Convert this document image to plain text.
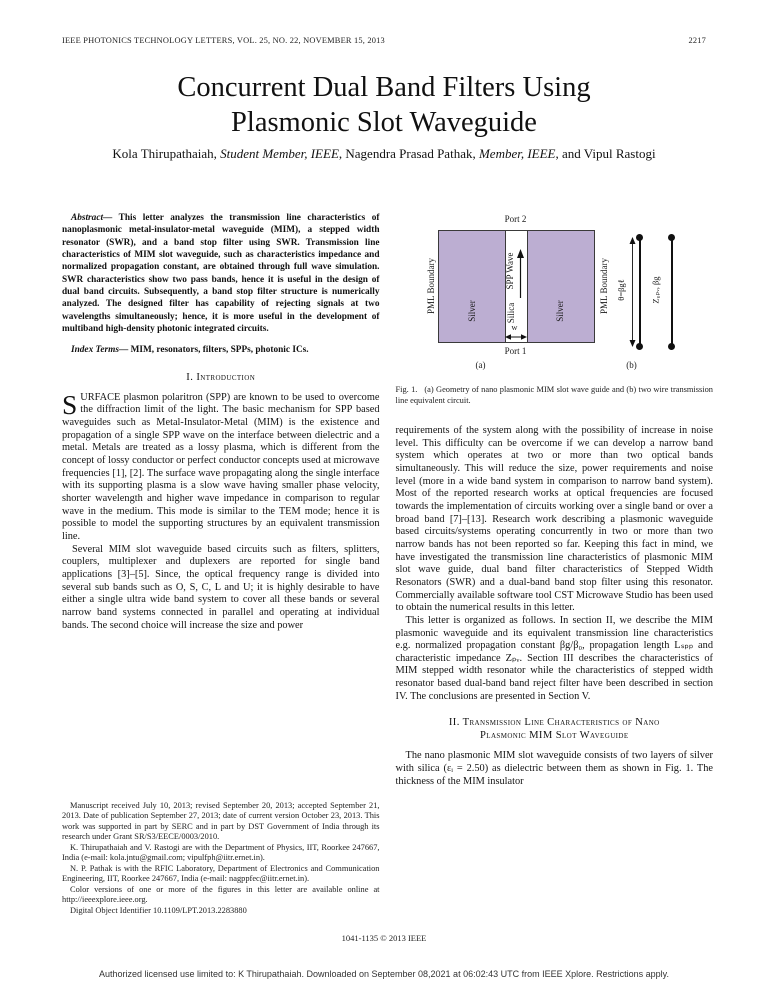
IEEE PHOTONICS TECHNOLOGY LETTERS, VOL. 25, NO. 22, NOVEMBER 15, 2013	2217
Concurrent Dual Band Filters Using
Plasmonic Slot Waveguide
Kola Thirupathaiah, Student Member, IEEE, Nagendra Prasad Pathak, Member, IEEE, and Vipul Rastogi

Abstract— This letter analyzes the transmission line characteristics of nanoplasmonic metal-insulator-metal waveguide (MIM), a stepped width resonator (SWR), and a band stop filter using SWR. Transmission line characteristics of MIM slot waveguide, such as characteristics impedance and normalized propagation constant, are obtained through full wave simulation. SWR characteristics show two pass bands, hence it is useful in the design of dual band circuits. Subsequently, a band stop filter structure is numerically analyzed. The designed filter has capability of rejecting signals at two wavelengths simultaneously; hence, it is more useful in the development of multiband high-density photonic integrated circuits.

Index Terms— MIM, resonators, filters, SPPs, photonic ICs.

I. Introduction

SURFACE plasmon polaritron (SPP) are known to be used to overcome the diffraction limit of the light. The basic mechanism for SPP based waveguides such as Metal-Insulator-Metal (MIM) is the existence and propagation of a single SPP wave on the interface between dielectric and a metal. Metals are treated as a lossy plasma, which is different from the concept of lossy conductor or perfect conductor concepts used at microwave frequencies [1], [2]. The surface wave propagating along the single interface with its supporting plasma is a slow wave having smaller phase velocity, shorter wavelength and higher wave impedance in comparison to regular wave in the medium. This mode is similar to the TEM mode; hence it is possible to model the supporting structures by an equivalent transmission line.

Several MIM slot waveguide based circuits such as filters, splitters, couplers, multiplexer and duplexers are reported for single band applications [3]–[5]. Since, the optical frequency range is divided into several sub bands such as O, S, C, L and U; it is highly desirable to have either a single ultra wide band system to cover all these bands or several narrow band systems connected in parallel and operating at individual bands. The second choice will increase the size and power

Manuscript received July 10, 2013; revised September 20, 2013; accepted September 21, 2013. Date of publication September 27, 2013; date of current version October 23, 2013. This work was supported in part by SERC and in part by DST Government of India through its research under Grant SR/S3/EECE/0003/2010.

K. Thirupathaiah and V. Rastogi are with the Department of Physics, IIT, Roorkee 247667, India (e-mail: kola.jntu@gmail.com; vipulfph@iitr.ernet.in).

N. P. Pathak is with the RFIC Laboratory, Department of Electronics and Communication Engineering, IIT, Roorkee 247667, India (e-mail: nagppfec@iitr.ernet.in).

Color versions of one or more of the figures in this letter are available online at http://ieeexplore.ieee.org.

Digital Object Identifier 10.1109/LPT.2013.2283880

Port 2
PML Boundary	PML Boundary
Silver	Silver
SPP Wave
Silica
w
Port 1
(a)
θ=βgℓ	Z₀ₚᵥ, βg
(b)

Fig. 1. (a) Geometry of nano plasmonic MIM slot wave guide and (b) two wire transmission line equivalent circuit.

requirements of the system along with the possibility of increase in noise level. This difficulty can be overcome if we can develop a narrow band system which operates at two or more than two optical bands simultaneously. This will reduce the size, power requirements and noise level (more in a wide band system in comparison to narrow band system). Most of the reported research works at optical frequencies are focused towards the implementation of circuits working over a single band or over a broad band [7]–[13]. Research work describing a plasmonic waveguide based circuits/systems operating concurrently in two or more than two narrow bands has not been reported so far. Keeping this fact in mind, we have investigated the transmission line characteristics of plasmonic MIM slot wave guide, dual band filter characteristics of Stepped Width Resonators (SWR) and a dual-band band stop filter using this resonator. Commercially available software tool CST Microwave Studio has been used to obtain the numerical results in this letter.

This letter is organized as follows. In section II, we describe the MIM plasmonic waveguide and its equivalent transmission line characteristics e.g. normalized propagation constant βg/β₀, propagation length Lₛₚₚ and characteristic impedance Zₚᵥ. Section III describes the characteristics of MIM stepped width resonator while the characteristics of stepped width resonator based dual-band band reject filter have been described in section IV. The conclusions are presented in Section V.

II. Transmission Line Characteristics of Nano
Plasmonic MIM Slot Waveguide

The nano plasmonic MIM slot waveguide consists of two layers of silver with silica (εᵢ = 2.50) as dielectric between them as shown in Fig. 1. The thickness of the MIM insulator

1041-1135 © 2013 IEEE
Authorized licensed use limited to: K Thirupathaiah. Downloaded on September 08,2021 at 06:02:43 UTC from IEEE Xplore. Restrictions apply.
